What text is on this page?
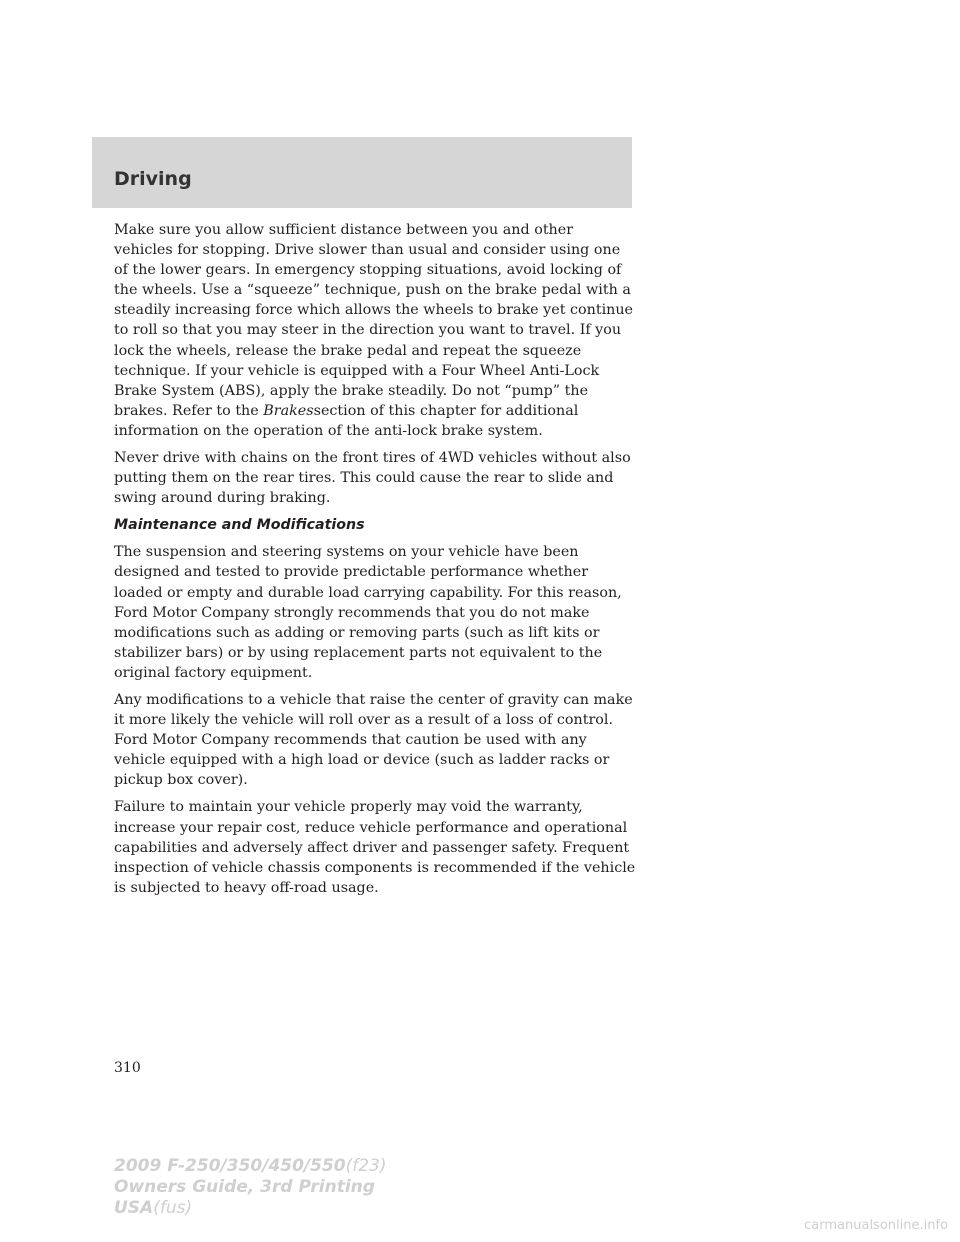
Driving

Make sure you allow sufficient distance between you and other vehicles for stopping. Drive slower than usual and consider using one of the lower gears. In emergency stopping situations, avoid locking of the wheels. Use a “squeeze” technique, push on the brake pedal with a steadily increasing force which allows the wheels to brake yet continue to roll so that you may steer in the direction you want to travel. If you lock the wheels, release the brake pedal and repeat the squeeze technique. If your vehicle is equipped with a Four Wheel Anti-Lock Brake System (ABS), apply the brake steadily. Do not “pump” the brakes. Refer to the Brakessection of this chapter for additional information on the operation of the anti-lock brake system.

Never drive with chains on the front tires of 4WD vehicles without also putting them on the rear tires. This could cause the rear to slide and swing around during braking.

Maintenance and Modifications

The suspension and steering systems on your vehicle have been designed and tested to provide predictable performance whether loaded or empty and durable load carrying capability. For this reason, Ford Motor Company strongly recommends that you do not make modifications such as adding or removing parts (such as lift kits or stabilizer bars) or by using replacement parts not equivalent to the original factory equipment.

Any modifications to a vehicle that raise the center of gravity can make it more likely the vehicle will roll over as a result of a loss of control. Ford Motor Company recommends that caution be used with any vehicle equipped with a high load or device (such as ladder racks or pickup box cover).

Failure to maintain your vehicle properly may void the warranty, increase your repair cost, reduce vehicle performance and operational capabilities and adversely affect driver and passenger safety. Frequent inspection of vehicle chassis components is recommended if the vehicle is subjected to heavy off-road usage.

310
2009 F-250/350/450/550(f23)
Owners Guide, 3rd Printing
USA(fus)
carmanualsonline.info
